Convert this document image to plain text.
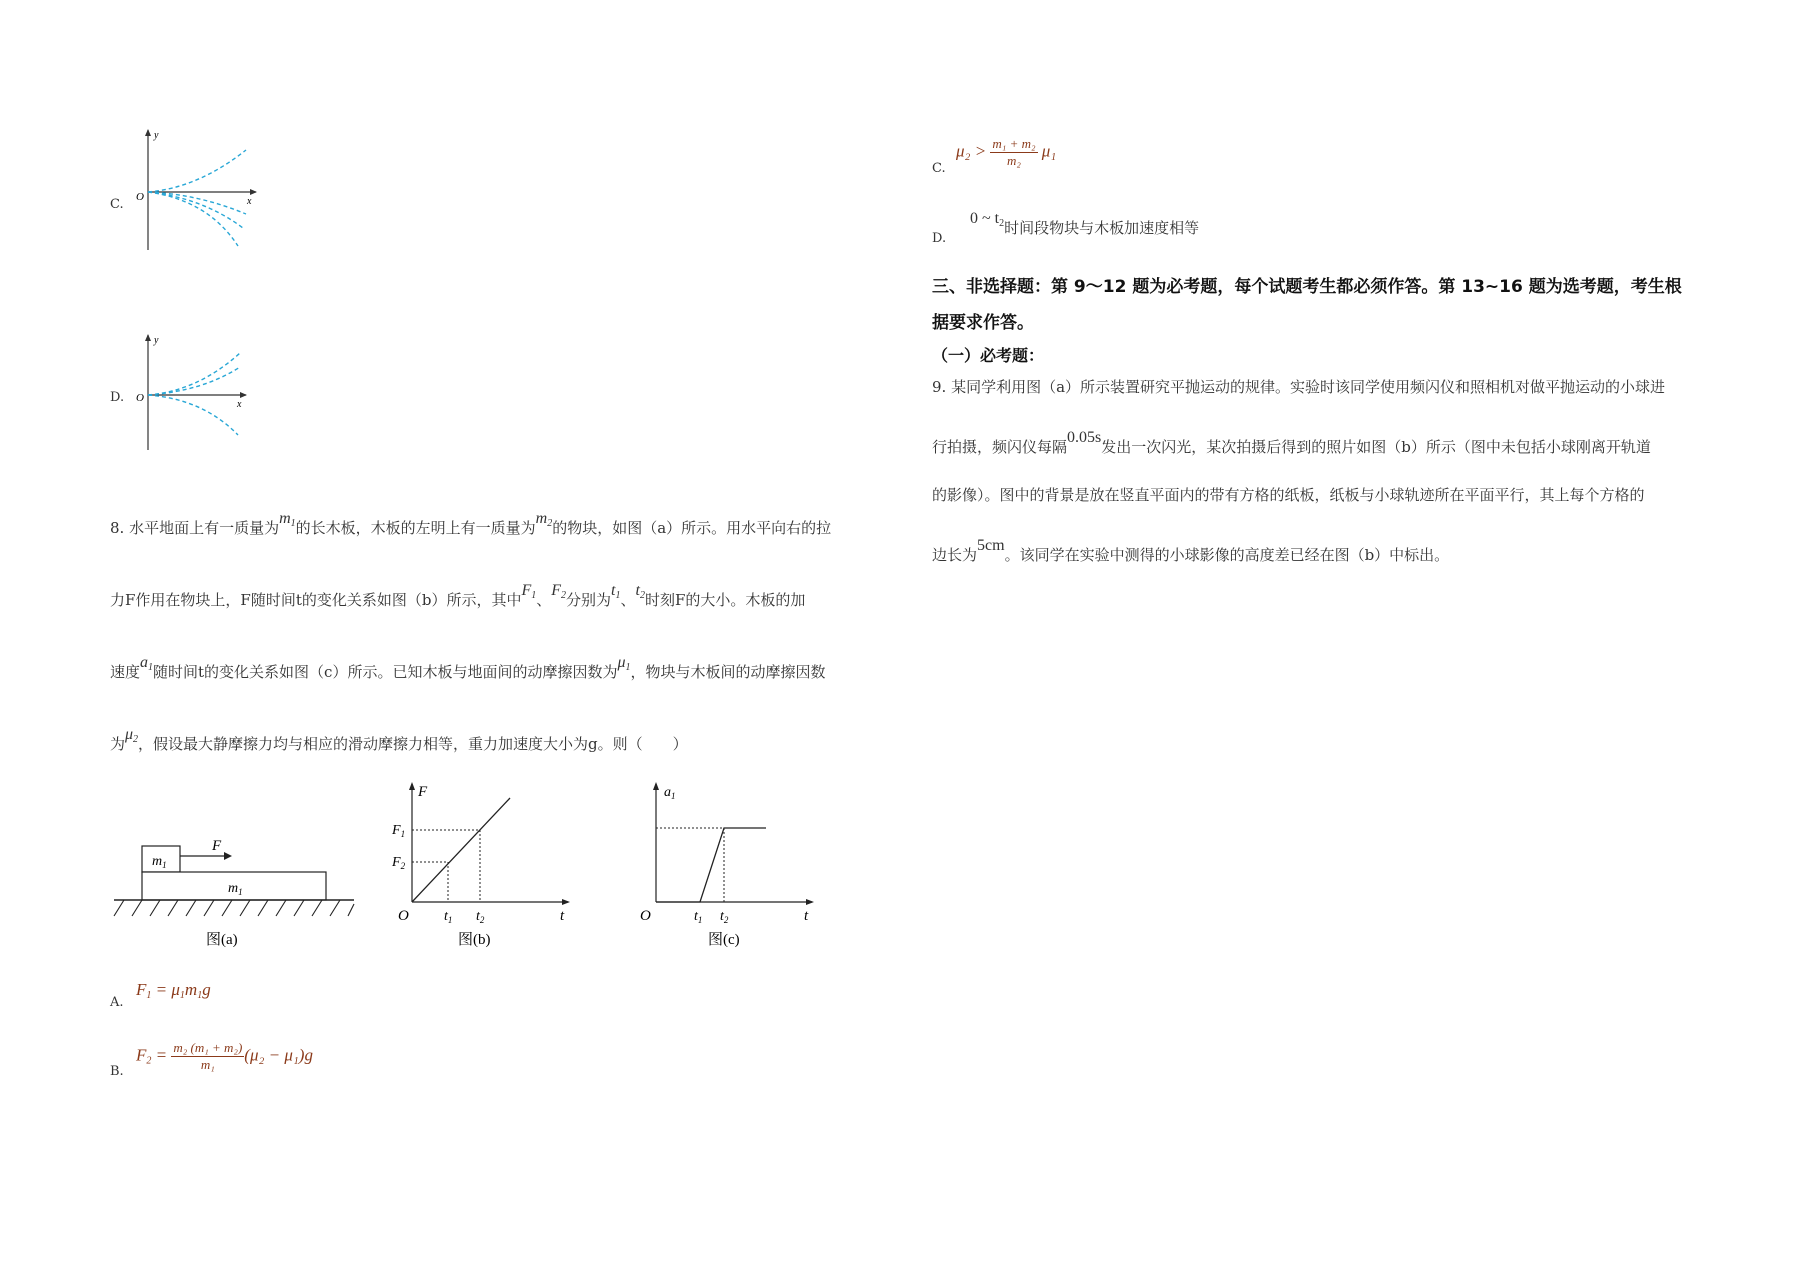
C.
y
x
O
D.
y
x
O
8. 水平地面上有一质量为$m_1$的长木板，木板的左明上有一质量为$m_2$的物块，如图（a）所示。用水平向右的拉
力F作用在物块上，F随时间t的变化关系如图（b）所示，其中$F_1$、$F_2$分别为$t_1$、$t_2$时刻F的大小。木板的加
速度$a_1$随时间t的变化关系如图（c）所示。已知木板与地面间的动摩擦因数为$\mu_1$，物块与木板间的动摩擦因数
为$\mu_2$，假设最大静摩擦力均与相应的滑动摩擦力相等，重力加速度大小为g。则（　　）
$m_1$
$m_1$
F
图(a)
F
$F_1$
$F_2$
O	$t_1$ $t_2$	t
图(b)
$a_1$
O	$t_1$ $t_2$	t
图(c)
A.
$F_1 = \mu_1m_1g$
B.
$F_2 = \frac{\text{m₂ (m₁ + m₂)}}{\text{m₁}} (\mu_2 - \mu_1)g$
C.
$\mu_2 > \frac{\text{m₁ + m₂}}{\text{m₂}} \mu_1$
D.
0 ~ $t_2$时间段物块与木板加速度相等
三、非选择题：第 9～12 题为必考题，每个试题考生都必须作答。第 13~16 题为选考题，考生根
据要求作答。
（一）必考题：
9. 某同学利用图（a）所示装置研究平抛运动的规律。实验时该同学使用频闪仪和照相机对做平抛运动的小球进
行拍摄，频闪仪每隔0.05s发出一次闪光，某次拍摄后得到的照片如图（b）所示（图中未包括小球刚离开轨道
的影像）。图中的背景是放在竖直平面内的带有方格的纸板，纸板与小球轨迹所在平面平行，其上每个方格的
边长为5cm。该同学在实验中测得的小球影像的高度差已经在图（b）中标出。
